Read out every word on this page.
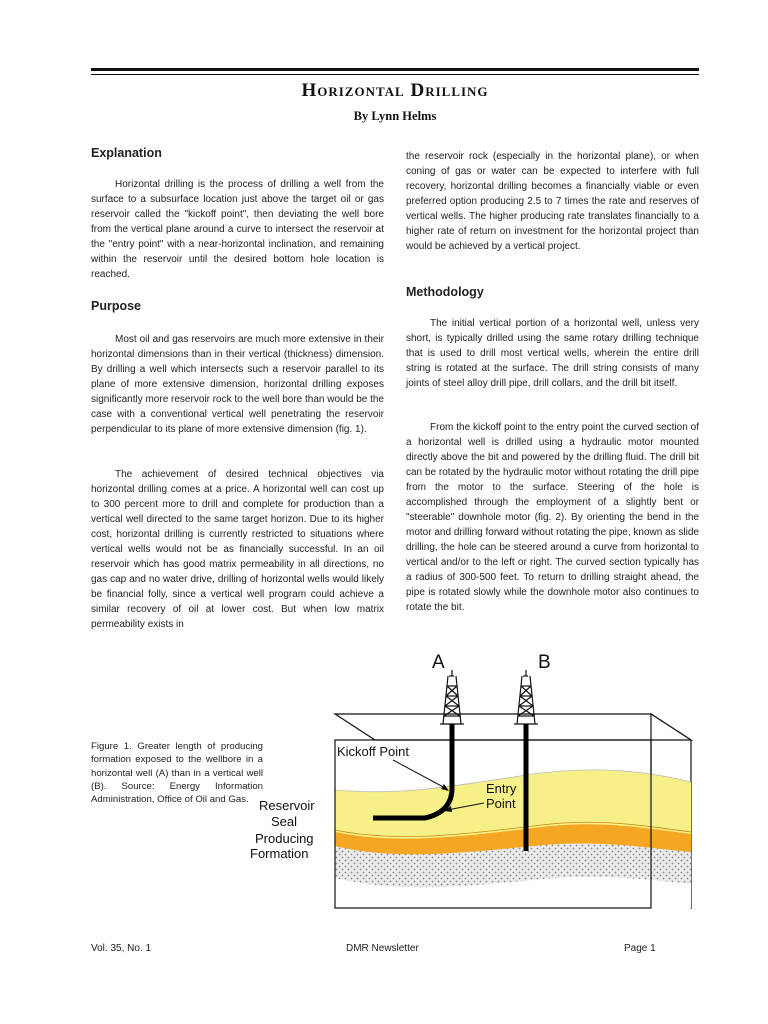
Horizontal Drilling
By Lynn Helms
Explanation

Horizontal drilling is the process of drilling a well from the surface to a subsurface location just above the target oil or gas reservoir called the "kickoff point", then deviating the well bore from the vertical plane around a curve to intersect the reservoir at the "entry point" with a near-horizontal inclination, and remaining within the reservoir until the desired bottom hole location is reached.

Purpose

Most oil and gas reservoirs are much more extensive in their horizontal dimensions than in their vertical (thickness) dimension. By drilling a well which intersects such a reservoir parallel to its plane of more extensive dimension, horizontal drilling exposes significantly more reservoir rock to the well bore than would be the case with a conventional vertical well penetrating the reservoir perpendicular to its plane of more extensive dimension (fig. 1).

The achievement of desired technical objectives via horizontal drilling comes at a price. A horizontal well can cost up to 300 percent more to drill and complete for production than a vertical well directed to the same target horizon. Due to its higher cost, horizontal drilling is currently restricted to situations where vertical wells would not be as financially successful. In an oil reservoir which has good matrix permeability in all directions, no gas cap and no water drive, drilling of horizontal wells would likely be financial folly, since a vertical well program could achieve a similar recovery of oil at lower cost. But when low matrix permeability exists in

the reservoir rock (especially in the horizontal plane), or when coning of gas or water can be expected to interfere with full recovery, horizontal drilling becomes a financially viable or even preferred option producing 2.5 to 7 times the rate and reserves of vertical wells. The higher producing rate translates financially to a higher rate of return on investment for the horizontal project than would be achieved by a vertical project.

Methodology

The initial vertical portion of a horizontal well, unless very short, is typically drilled using the same rotary drilling technique that is used to drill most vertical wells, wherein the entire drill string is rotated at the surface. The drill string consists of many joints of steel alloy drill pipe, drill collars, and the drill bit itself.

From the kickoff point to the entry point the curved section of a horizontal well is drilled using a hydraulic motor mounted directly above the bit and powered by the drilling fluid. The drill bit can be rotated by the hydraulic motor without rotating the drill pipe from the motor to the surface. Steering of the hole is accomplished through the employment of a slightly bent or "steerable" downhole motor (fig. 2). By orienting the bend in the motor and drilling forward without rotating the pipe, known as slide drilling, the hole can be steered around a curve from horizontal to vertical and/or to the left or right. The curved section typically has a radius of 300-500 feet. To return to drilling straight ahead, the pipe is rotated slowly while the downhole motor also continues to rotate the bit.

Figure 1. Greater length of producing formation exposed to the wellbore in a horizontal well (A) than in a vertical well (B). Source: Energy Information Administration, Office of Oil and Gas.

A	B
Kickoff Point
Entry
Point
Reservoir
Seal
Producing
Formation
Vol. 35, No. 1	DMR Newsletter	Page 1
